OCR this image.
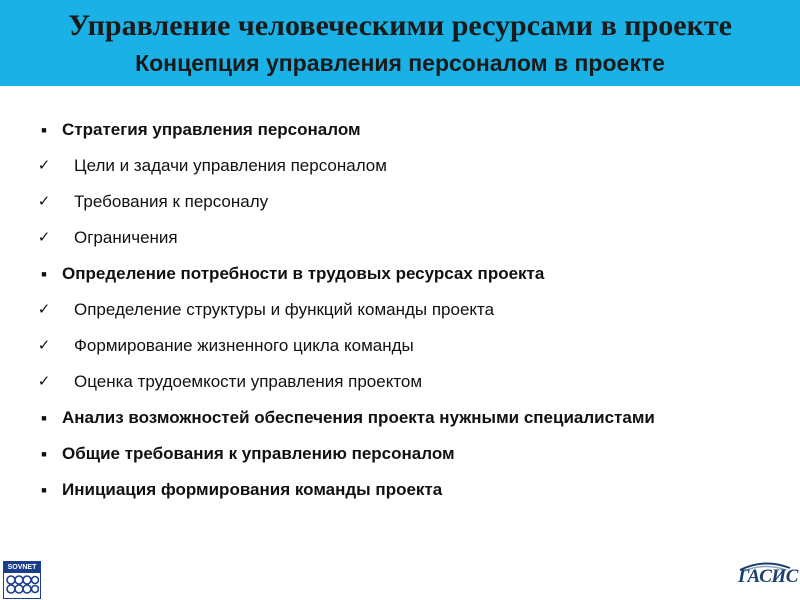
Управление человеческими ресурсами в проекте
Концепция управления персоналом в проекте
■ Стратегия управления персоналом
✓ Цели и задачи управления персоналом
✓ Требования к персоналу
✓ Ограничения
■ Определение потребности в трудовых ресурсах проекта
✓ Определение структуры и функций команды проекта
✓ Формирование жизненного цикла команды
✓ Оценка трудоемкости управления проектом
■ Анализ возможностей обеспечения проекта нужными специалистами
■ Общие требования к управлению персоналом
■ Инициация формирования команды проекта
SOVNET	ГАСИС
